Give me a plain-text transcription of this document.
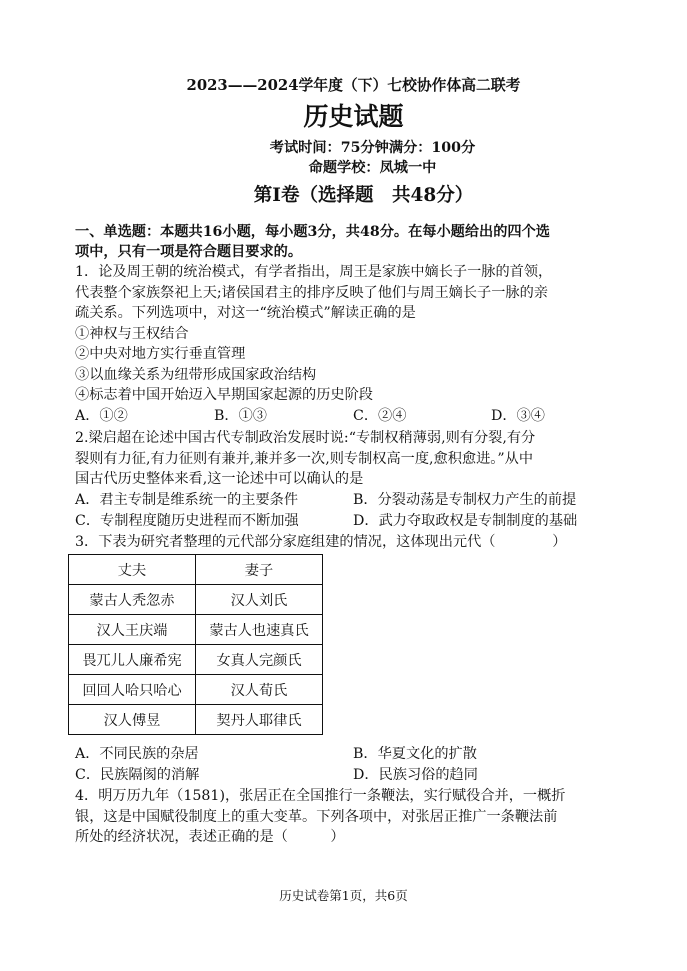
2023——2024学年度（下）七校协作体高二联考
历史试题
考试时间：75分钟满分：100分
命题学校：凤城一中
第Ⅰ卷（选择题　共48分）
一、单选题：本题共16小题，每小题3分，共48分。在每小题给出的四个选
项中，只有一项是符合题目要求的。
1．论及周王朝的统治模式，有学者指出，周王是家族中嫡长子一脉的首领，
代表整个家族祭祀上天;诸侯国君主的排序反映了他们与周王嫡长子一脉的亲
疏关系。下列选项中，对这一“统治模式”解读正确的是
①神权与王权结合
②中央对地方实行垂直管理
③以血缘关系为纽带形成国家政治结构
④标志着中国开始迈入早期国家起源的历史阶段
A．①②	B．①③	C．②④	D．③④
2.梁启超在论述中国古代专制政治发展时说:“专制权稍薄弱,则有分裂,有分
裂则有力征,有力征则有兼并,兼并多一次,则专制权高一度,愈积愈进。”从中
国古代历史整体来看,这一论述中可以确认的是
A．君主专制是维系统一的主要条件	B．分裂动荡是专制权力产生的前提
C．专制程度随历史进程而不断加强	D．武力夺取政权是专制制度的基础
3．下表为研究者整理的元代部分家庭组建的情况，这体现出元代（　　　　）
丈夫	妻子
蒙古人秃忽赤	汉人刘氏
汉人王庆端	蒙古人也速真氏
畏兀儿人廉希宪	女真人完颜氏
回回人哈只哈心	汉人荀氏
汉人傅昱	契丹人耶律氏
A．不同民族的杂居	B．华夏文化的扩散
C．民族隔阂的消解	D．民族习俗的趋同
4．明万历九年（1581)，张居正在全国推行一条鞭法，实行赋役合并，一概折
银，这是中国赋役制度上的重大变革。下列各项中，对张居正推广一条鞭法前
所处的经济状况，表述正确的是（　　　）
历史试卷第1页，共6页
